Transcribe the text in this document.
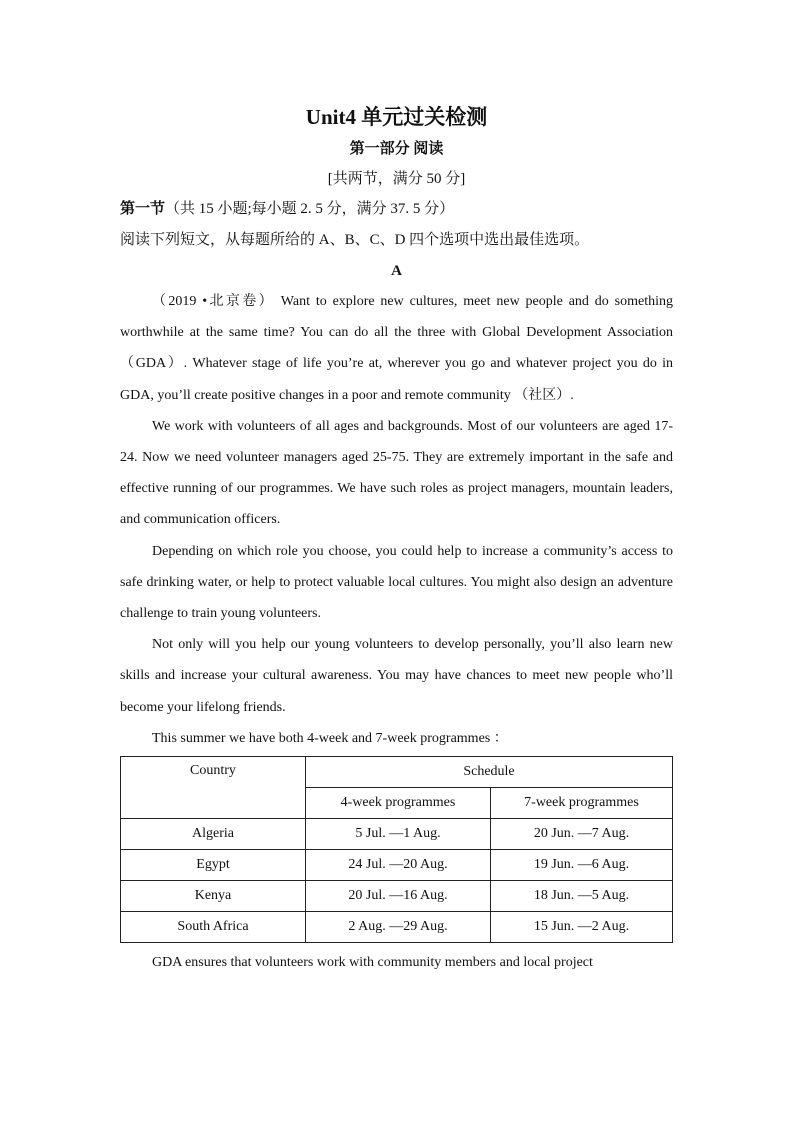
Unit4 单元过关检测

第一部分 阅读

[共两节，满分 50 分]

第一节（共 15 小题;每小题 2. 5 分，满分 37. 5 分）

阅读下列短文，从每题所给的 A、B、C、D 四个选项中选出最佳选项。

A

（2019 •北京卷） Want to explore new cultures, meet new people and do something worthwhile at the same time? You can do all the three with Global Development Association （GDA）. Whatever stage of life you’re at, wherever you go and whatever project you do in GDA, you’ll create positive changes in a poor and remote community （社区）.

We work with volunteers of all ages and backgrounds. Most of our volunteers are aged 17-24. Now we need volunteer managers aged 25-75. They are extremely important in the safe and effective running of our programmes. We have such roles as project managers, mountain leaders, and communication officers.

Depending on which role you choose, you could help to increase a community’s access to safe drinking water, or help to protect valuable local cultures. You might also design an adventure challenge to train young volunteers.

Not only will you help our young volunteers to develop personally, you’ll also learn new skills and increase your cultural awareness. You may have chances to meet new people who’ll become your lifelong friends.

This summer we have both 4-week and 7-week programmes ：

Country	Schedule	
	4-week programmes	7-week programmes
Algeria	5 Jul. —1 Aug.	20 Jun. —7 Aug.
Egypt	24 Jul. —20 Aug.	19 Jun. —6 Aug.
Kenya	20 Jul. —16 Aug.	18 Jun. —5 Aug.
South Africa	2 Aug. —29 Aug.	15 Jun. —2 Aug.

GDA ensures that volunteers work with community members and local project
